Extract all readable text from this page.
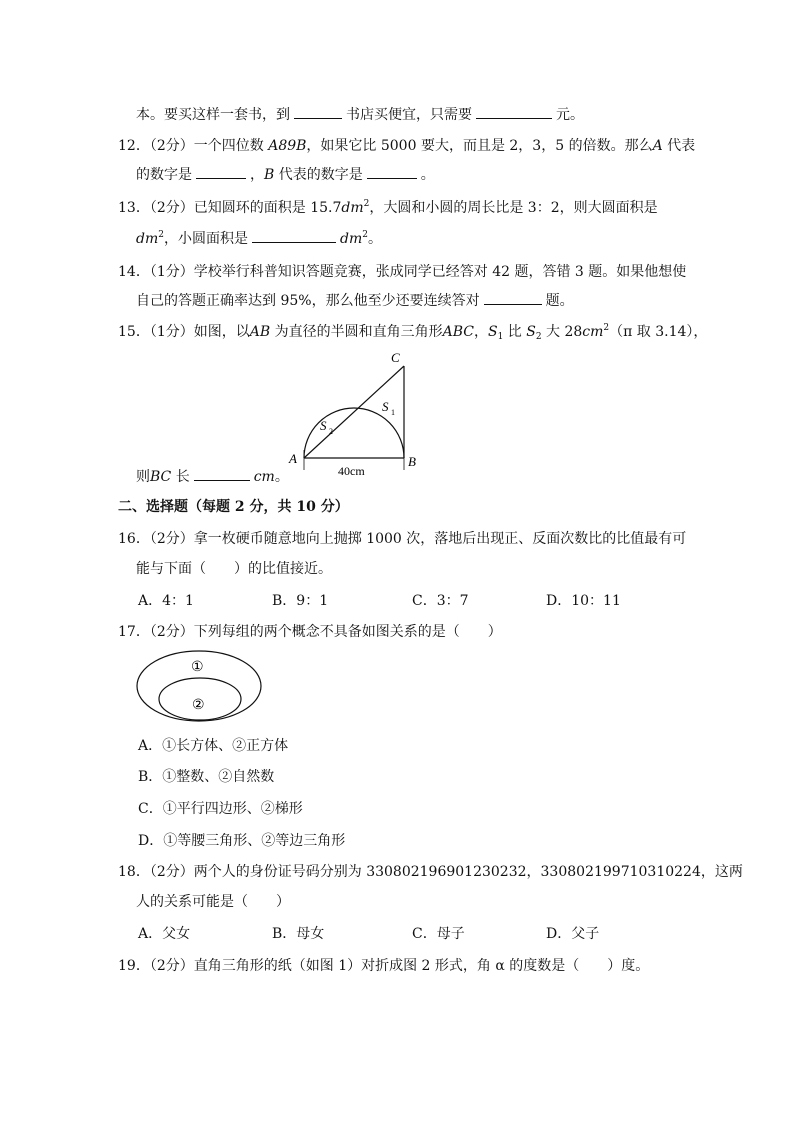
本。要买这样一套书，到	书店买便宜，只需要	元。
12．（2分）一个四位数 A89B，如果它比 5000 要大，而且是 2，3，5 的倍数。那么A 代表
的数字是	，B 代表的数字是	。
13．（2分）已知圆环的面积是 $15.7dm^2$，大圆和小圆的周长比是 3：2，则大圆面积是
$dm^2$，小圆面积是	$dm^2$。
14．（1分）学校举行科普知识答题竞赛，张成同学已经答对 42 题，答错 3 题。如果他想使
自己的答题正确率达到 95%，那么他至少还要连续答对	题。
15．（1分）如图，以AB 为直径的半圆和直角三角形ABC，$S_1$ 比 $S_2$ 大 $28cm^2(\pi$ 取 3.14），
C
A	B
S 1
S 2
40cm
则BC 长	cm。
二、选择题（每题 2 分，共 10 分）
16．（2分）拿一枚硬币随意地向上抛掷 1000 次，落地后出现正、反面次数比的比值最有可
能与下面（　　）的比值接近。
A．4：1	B．9：1	C．3：7	D．10：11
17．（2分）下列每组的两个概念不具备如图关系的是（　　）
①
②
A．①长方体、②正方体
B．①整数、②自然数
C．①平行四边形、②梯形
D．①等腰三角形、②等边三角形
18．（2分）两个人的身份证号码分别为 330802196901230232，330802199710310224，这两
人的关系可能是（　　）
A．父女	B．母女	C．母子	D．父子
19．（2分）直角三角形的纸（如图 1）对折成图 2 形式，角 α 的度数是（　　）度。
